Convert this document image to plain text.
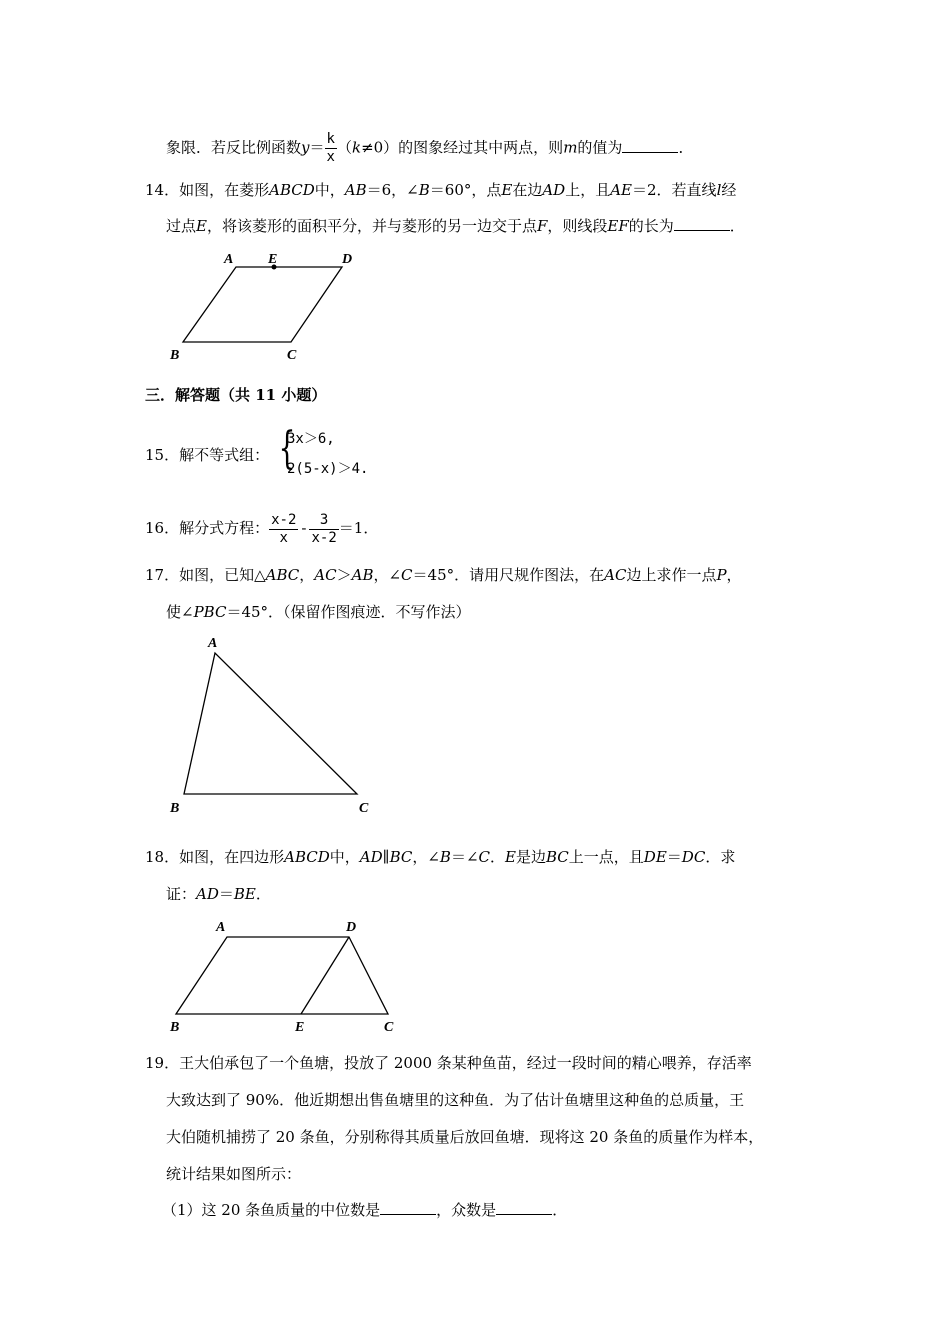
象限．若反比例函数$y= \frac{k}{x} (k\ne 0)$的图象经过其中两点，则m的值为	．
14．如图，在菱形ABCD中，AB＝6，∠B＝60°，点E在边AD上，且AE＝2．若直线l经
过点E，将该菱形的面积平分，并与菱形的另一边交于点F，则线段EF的长为	．
A E	D
B	C
三．解答题（共 11 小题）
15．解不等式组： {
3x＞6,
2(5-x)＞4.
16．解分式方程： $\frac{x-2}{x} - \frac{3}{x-2} =1$．
17．如图，已知△ABC，AC＞AB，∠C＝45°．请用尺规作图法，在AC边上求作一点P，
使∠PBC＝45°．（保留作图痕迹．不写作法）
A
B	C
18．如图，在四边形ABCD中，AD∥BC，∠B＝∠C．E是边BC上一点，且DE＝DC．求
证：AD＝BE．
A	D
B	E	C
19．王大伯承包了一个鱼塘，投放了 2000 条某种鱼苗，经过一段时间的精心喂养，存活率
大致达到了 90%．他近期想出售鱼塘里的这种鱼．为了估计鱼塘里这种鱼的总质量，王
大伯随机捕捞了 20 条鱼，分别称得其质量后放回鱼塘．现将这 20 条鱼的质量作为样本，
统计结果如图所示：
（1）这 20 条鱼质量的中位数是	，众数是	．
